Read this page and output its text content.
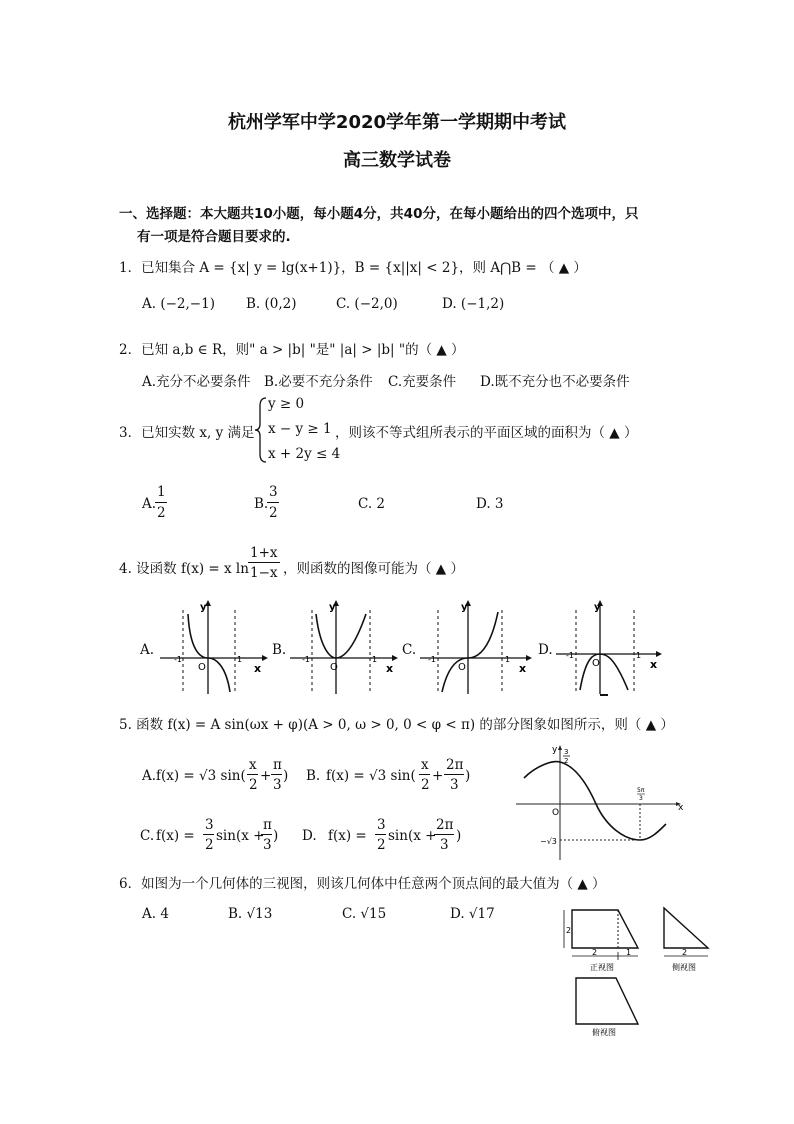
杭州学军中学2020学年第一学期期中考试
高三数学试卷
一、选择题：本大题共10小题，每小题4分，共40分，在每小题给出的四个选项中，只
有一项是符合题目要求的.
1．已知集合 A = {x| y = lg(x+1)}，B = {x||x| < 2}，则 A⋂B = （ ▲ ）
A. (−2,−1) B. (0,2)	C. (−2,0)	D. (−1,2)
2．已知 a,b ∈ R，则" a > |b| "是" |a| > |b| "的（ ▲ ）
A.充分不必要条件 B.必要不充分条件 C.充要条件 D.既不充分也不必要条件
3．已知实数 x, y 满足
y ≥ 0
x − y ≥ 1
x + 2y ≤ 4
，则该不等式组所表示的平面区域的面积为（ ▲ ）
A.
1
2
B.
3
2
C. 2	D. 3
4. 设函数 f(x) = x ln
1+x
1−x ，则函数的图像可能为（ ▲ ）
A.
y
x
O
-1	1
B.
y
x
O
-1	1
C.
y
x
O
-1	1
D.
y
x
O
-1	1
5. 函数 f(x) = A sin(ωx + φ)(A > 0, ω > 0, 0 < φ < π) 的部分图象如图所示，则（ ▲ ）
A. f(x) = √3 sin(
x
2
+
π
3
) B. f(x) = √3 sin(
x
2
+
2π
3
)
C. f(x) =
3
2
sin(x +
π
3
) D. f(x) =
3
2
sin(x +
2π
3
)
y
x
O
3
2
−√3
5π
3
6．如图为一个几何体的三视图，则该几何体中任意两个顶点间的最大值为（ ▲ ）
A. 4	B. √13	C. √15	D. √17
2
2	1
正视图
2
侧视图
俯视图
